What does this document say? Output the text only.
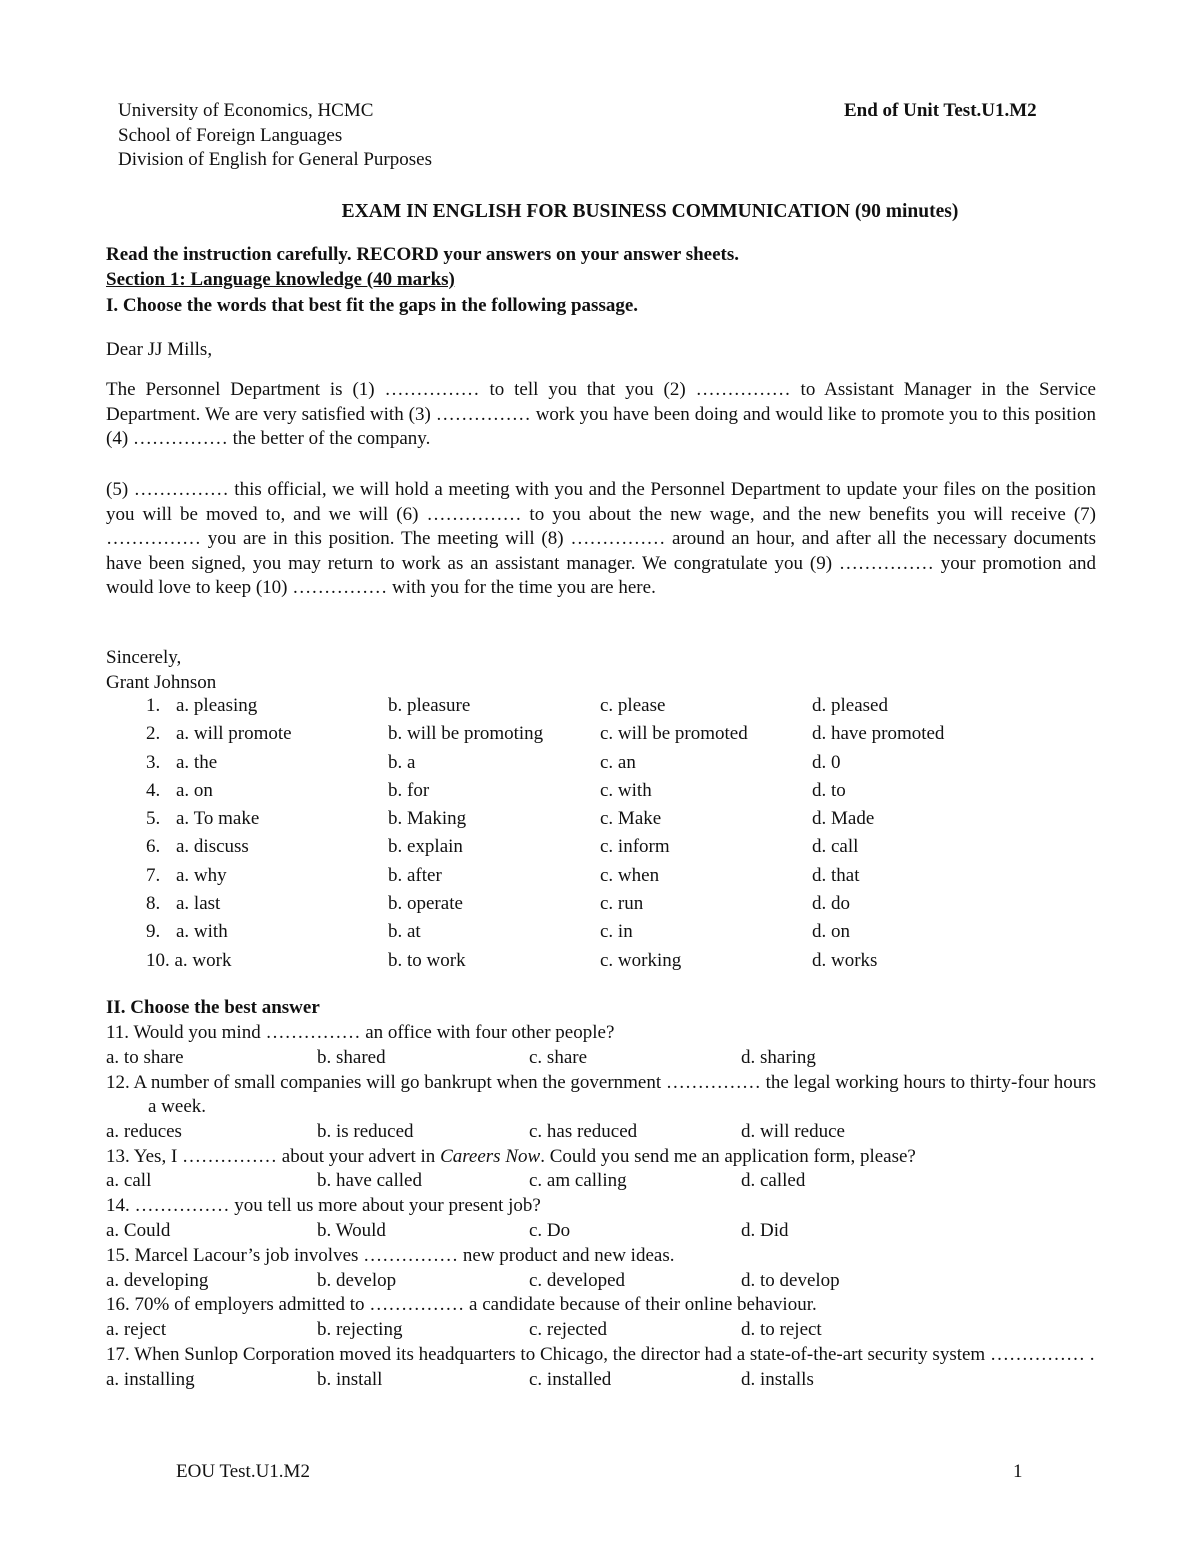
University of Economics, HCMC
School of Foreign Languages
Division of English for General Purposes
End of Unit Test.U1.M2
EXAM IN ENGLISH FOR BUSINESS COMMUNICATION (90 minutes)
Read the instruction carefully. RECORD your answers on your answer sheets.
Section 1: Language knowledge (40 marks)
I. Choose the words that best fit the gaps in the following passage.
Dear JJ Mills,
The Personnel Department is (1) …………… to tell you that you (2) …………… to Assistant Manager in the Service Department. We are very satisfied with (3) …………… work you have been doing and would like to promote you to this position (4) …………… the better of the company.
(5) …………… this official, we will hold a meeting with you and the Personnel Department to update your files on the position you will be moved to, and we will (6) …………… to you about the new wage, and the new benefits you will receive (7) …………… you are in this position. The meeting will (8) …………… around an hour, and after all the necessary documents have been signed, you may return to work as an assistant manager. We congratulate you (9) …………… your promotion and would love to keep (10) …………… with you for the time you are here.
Sincerely,
Grant Johnson
1. a. pleasing	b. pleasure	c. please	d. pleased
2. a. will promote	b. will be promoting	c. will be promoted	d. have promoted
3. a. the	b. a	c. an	d. 0
4. a. on	b. for	c. with	d. to
5. a. To make	b. Making	c. Make	d. Made
6. a. discuss	b. explain	c. inform	d. call
7. a. why	b. after	c. when	d. that
8. a. last	b. operate	c. run	d. do
9. a. with	b. at	c. in	d. on
10. a. work	b. to work	c. working	d. works
II. Choose the best answer
11. Would you mind …………… an office with four other people?
a. to share	b. shared	c. share	d. sharing
12. A number of small companies will go bankrupt when the government …………… the legal working hours to thirty-four hours a week.
a. reduces	b. is reduced	c. has reduced	d. will reduce
13. Yes, I …………… about your advert in Careers Now. Could you send me an application form, please?
a. call	b. have called	c. am calling	d. called
14. …………… you tell us more about your present job?
a. Could	b. Would	c. Do	d. Did
15. Marcel Lacour’s job involves …………… new product and new ideas.
a. developing	b. develop	c. developed	d. to develop
16. 70% of employers admitted to …………… a candidate because of their online behaviour.
a. reject	b. rejecting	c. rejected	d. to reject
17. When Sunlop Corporation moved its headquarters to Chicago, the director had a state-of-the-art security system …………… .
a. installing	b. install	c. installed	d. installs
EOU Test.U1.M2	1
